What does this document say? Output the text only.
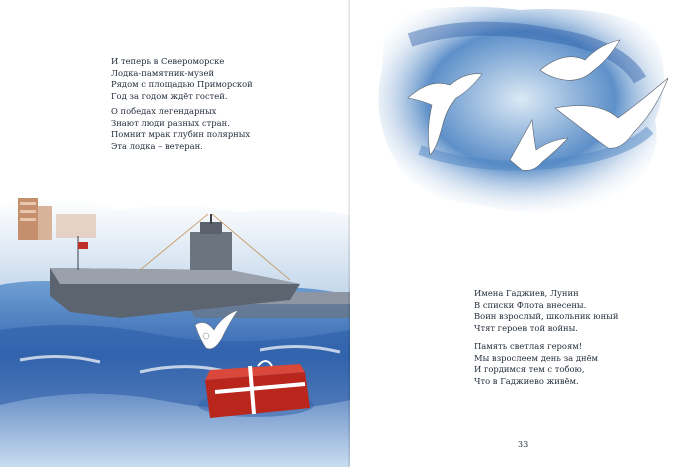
И теперь в Североморске
Лодка-памятник-музей
Рядом с площадью Приморской
Год за годом ждёт гостей.
О победах легендарных
Знают люди разных стран.
Помнит мрак глубин полярных
Эта лодка – ветеран.
Имена Гаджиев, Лунин
В списки Флота внесены.
Воин взрослый, школьник юный
Чтят героев той войны.
Память светлая героям!
Мы взрослеем день за днём
И гордимся тем с тобою,
Что в Гаджиево живём.
33
